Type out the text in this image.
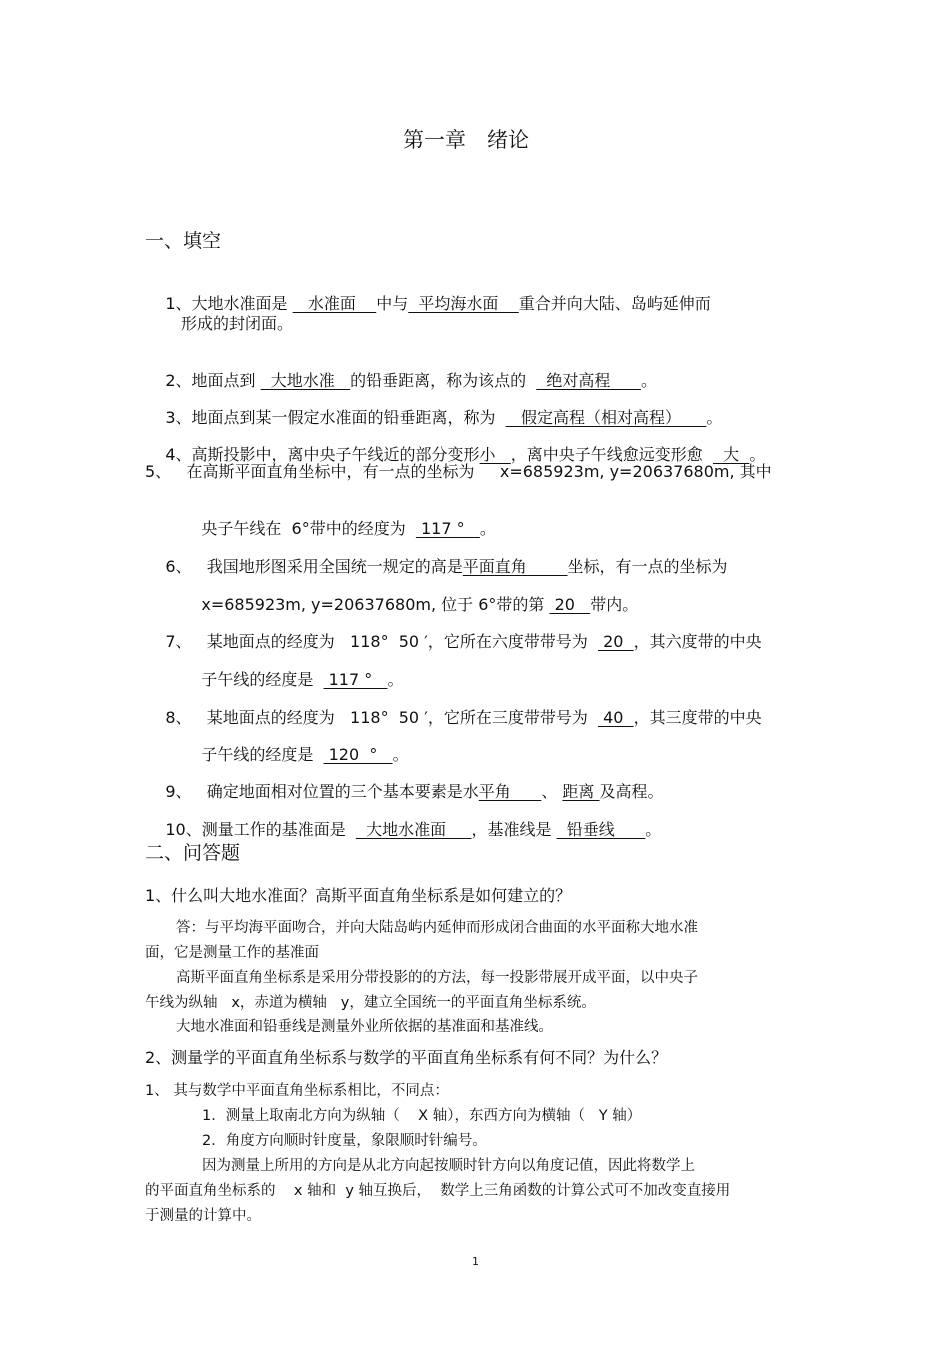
第一章　绪论
一、填空

1、大地水准面是    水准面    中与  平均海水面    重合并向大陆、岛屿延伸而

形成的封闭面。

2、地面点到   大地水准   的铅垂距离，称为该点的    绝对高程      。

3、地面点到某一假定水准面的铅垂距离，称为     假定高程（相对高程）     。

4、高斯投影中，离中央子午线近的部分变形小   ，离中央子午线愈远变形愈    大  。

5、   在高斯平面直角坐标中，有一点的坐标为     x=685923m, y=20637680m, 其中

央子午线在  6°带中的经度为   117 °   。

6、   我国地形图采用全国统一规定的高是平面直角        坐标，有一点的坐标为

x=685923m, y=20637680m, 位于 6°带的第  20   带内。

7、   某地面点的经度为   118°  50 ′，它所在六度带带号为   20  ，其六度带的中央

子午线的经度是   117 °   。

8、   某地面点的经度为   118°  50 ′，它所在三度带带号为   40  ，其三度带的中央

子午线的经度是   120  °   。

9、   确定地面相对位置的三个基本要素是水平角      、 距离 及高程。

10、测量工作的基准面是    大地水准面     ，基准线是   铅垂线      。

二、问答题
1、什么叫大地水准面？高斯平面直角坐标系是如何建立的？
答：与平均海平面吻合，并向大陆岛屿内延伸而形成闭合曲面的水平面称大地水准
面，它是测量工作的基准面
高斯平面直角坐标系是采用分带投影的的方法，每一投影带展开成平面，以中央子
午线为纵轴   x，赤道为横轴   y，建立全国统一的平面直角坐标系统。
大地水准面和铅垂线是测量外业所依据的基准面和基准线。
2、测量学的平面直角坐标系与数学的平面直角坐标系有何不同？为什么？
1、 其与数学中平面直角坐标系相比，不同点：
1．测量上取南北方向为纵轴（    X 轴），东西方向为横轴（   Y 轴）
2．角度方向顺时针度量，象限顺时针编号。
因为测量上所用的方向是从北方向起按顺时针方向以角度记值，因此将数学上
的平面直角坐标系的    x 轴和  y 轴互换后，  数学上三角函数的计算公式可不加改变直接用
于测量的计算中。
1
